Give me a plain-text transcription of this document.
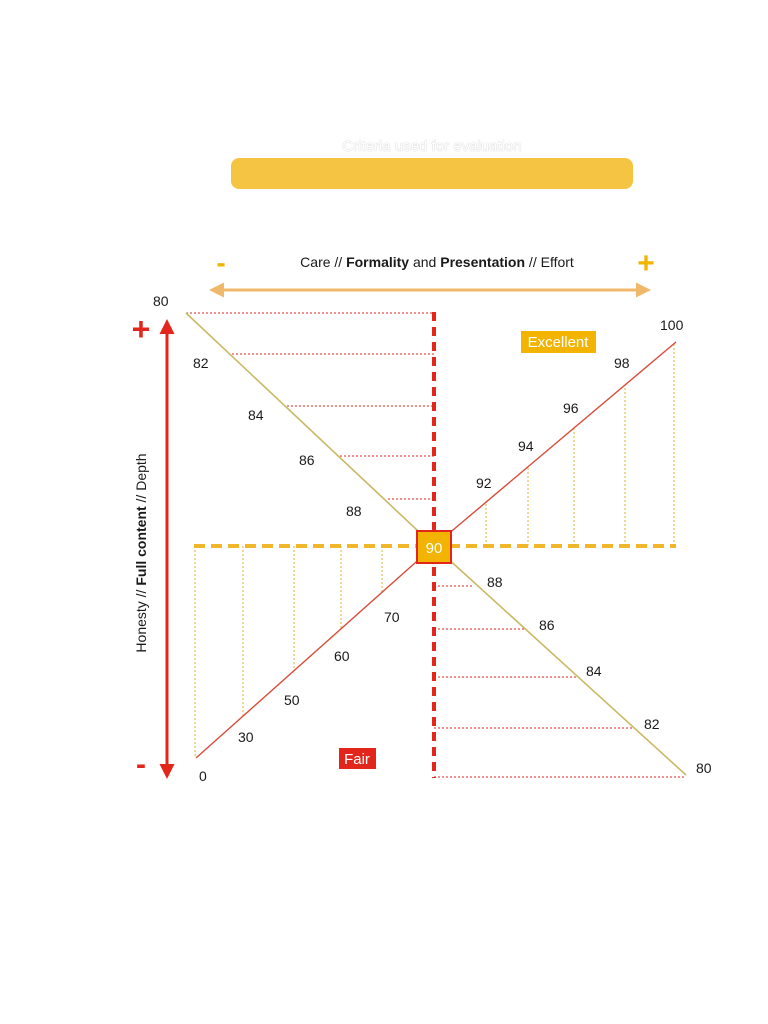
Criteria used for evaluation
Care // Formality and Presentation // Effort
-	+
Honesty // Full content // Depth
+
-
80
82
84
86
88
92
94
96
98
100
0
30
50
60
70
88
86
84
82
80
90
Excellent
Fair
